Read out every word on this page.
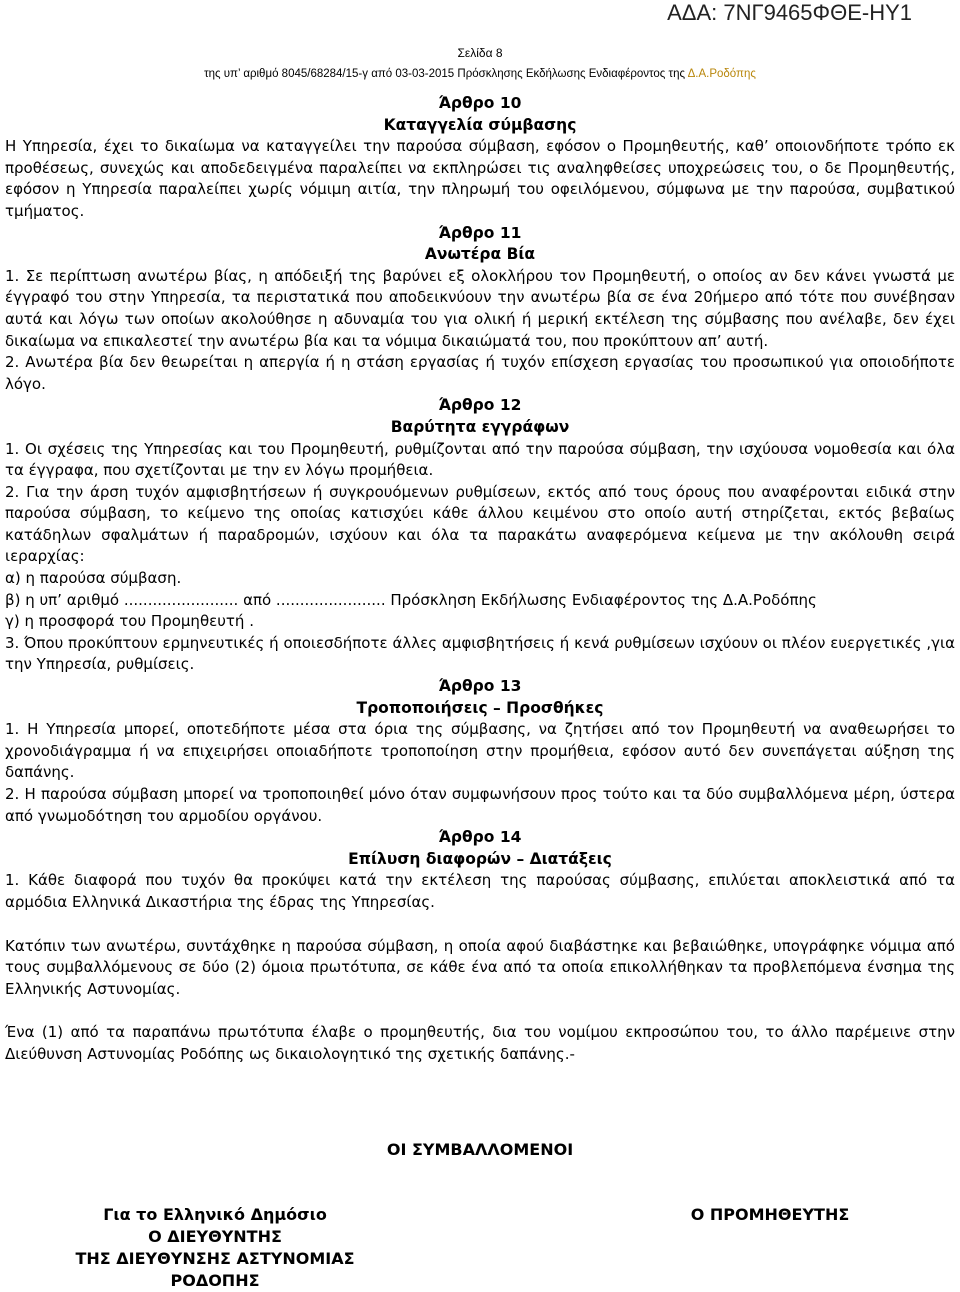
ΑΔΑ: 7ΝΓ9465ΦΘΕ-ΗΥ1
Σελίδα 8
της υπ’ αριθμό 8045/68284/15-γ από 03-03-2015 Πρόσκλησης Εκδήλωσης Ενδιαφέροντος της Δ.Α.Ροδόπης
Άρθρο 10
Καταγγελία σύμβασης

Η Υπηρεσία, έχει το δικαίωμα να καταγγείλει την παρούσα σύμβαση, εφόσον ο Προμηθευτής, καθ’ οποιονδήποτε τρόπο εκ προθέσεως, συνεχώς και αποδεδειγμένα παραλείπει να εκπληρώσει τις αναληφθείσες υποχρεώσεις του, ο δε Προμηθευτής, εφόσον η Υπηρεσία παραλείπει χωρίς νόμιμη αιτία, την πληρωμή του οφειλόμενου, σύμφωνα με την παρούσα, συμβατικού τμήματος.

Άρθρο 11
Ανωτέρα Βία

1. Σε περίπτωση ανωτέρω βίας, η απόδειξή της βαρύνει εξ ολοκλήρου τον Προμηθευτή, ο οποίος αν δεν κάνει γνωστά με έγγραφό του στην Υπηρεσία, τα περιστατικά που αποδεικνύουν την ανωτέρω βία σε ένα 20ήμερο από τότε που συνέβησαν αυτά και λόγω των οποίων ακολούθησε η αδυναμία του για ολική ή μερική εκτέλεση της σύμβασης που ανέλαβε, δεν έχει δικαίωμα να επικαλεστεί την ανωτέρω βία και τα νόμιμα δικαιώματά του, που προκύπτουν απ’ αυτή.

2. Ανωτέρα βία δεν θεωρείται η απεργία ή η στάση εργασίας ή τυχόν επίσχεση εργασίας του προσωπικού για οποιοδήποτε λόγο.

Άρθρο 12
Βαρύτητα εγγράφων

1. Οι σχέσεις της Υπηρεσίας και του Προμηθευτή, ρυθμίζονται από την παρούσα σύμβαση, την ισχύουσα νομοθεσία και όλα τα έγγραφα, που σχετίζονται με την εν λόγω προμήθεια.

2. Για την άρση τυχόν αμφισβητήσεων ή συγκρουόμενων ρυθμίσεων, εκτός από τους όρους που αναφέρονται ειδικά στην παρούσα σύμβαση, το κείμενο της οποίας κατισχύει κάθε άλλου κειμένου στο οποίο αυτή στηρίζεται, εκτός βεβαίως κατάδηλων σφαλμάτων ή παραδρομών, ισχύουν και όλα τα παρακάτω αναφερόμενα κείμενα με την ακόλουθη σειρά ιεραρχίας:

α) η παρούσα σύμβαση.

β) η υπ’ αριθμό ........................ από ....................... Πρόσκληση Εκδήλωσης Ενδιαφέροντος της Δ.Α.Ροδόπης

γ) η προσφορά του Προμηθευτή .

3. Όπου προκύπτουν ερμηνευτικές ή οποιεσδήποτε άλλες αμφισβητήσεις ή κενά ρυθμίσεων ισχύουν οι πλέον ευεργετικές ,για την Υπηρεσία, ρυθμίσεις.

Άρθρο 13
Τροποποιήσεις – Προσθήκες

1. Η Υπηρεσία μπορεί, οποτεδήποτε μέσα στα όρια της σύμβασης, να ζητήσει από τον Προμηθευτή να αναθεωρήσει το χρονοδιάγραμμα ή να επιχειρήσει οποιαδήποτε τροποποίηση στην προμήθεια, εφόσον αυτό δεν συνεπάγεται αύξηση της δαπάνης.

2. Η παρούσα σύμβαση μπορεί να τροποποιηθεί μόνο όταν συμφωνήσουν προς τούτο και τα δύο συμβαλλόμενα μέρη, ύστερα από γνωμοδότηση του αρμοδίου οργάνου.

Άρθρο 14
Επίλυση διαφορών – Διατάξεις

1. Κάθε διαφορά που τυχόν θα προκύψει κατά την εκτέλεση της παρούσας σύμβασης, επιλύεται αποκλειστικά από τα αρμόδια Ελληνικά Δικαστήρια της έδρας της Υπηρεσίας.

Κατόπιν των ανωτέρω, συντάχθηκε η παρούσα σύμβαση, η οποία αφού διαβάστηκε και βεβαιώθηκε, υπογράφηκε νόμιμα από τους συμβαλλόμενους σε δύο (2) όμοια πρωτότυπα, σε κάθε ένα από τα οποία επικολλήθηκαν τα προβλεπόμενα ένσημα της Ελληνικής Αστυνομίας.

Ένα (1) από τα παραπάνω πρωτότυπα έλαβε ο προμηθευτής, δια του νομίμου εκπροσώπου του, το άλλο παρέμεινε στην Διεύθυνση Αστυνομίας Ροδόπης ως δικαιολογητικό της σχετικής δαπάνης.-

ΟΙ ΣΥΜΒΑΛΛΟΜΕΝΟΙ
Για το Ελληνικό Δημόσιο
Ο ΔΙΕΥΘΥΝΤΗΣ
ΤΗΣ ΔΙΕΥΘΥΝΣΗΣ ΑΣΤΥΝΟΜΙΑΣ ΡΟΔΟΠΗΣ
Ο ΠΡΟΜΗΘΕΥΤΗΣ
